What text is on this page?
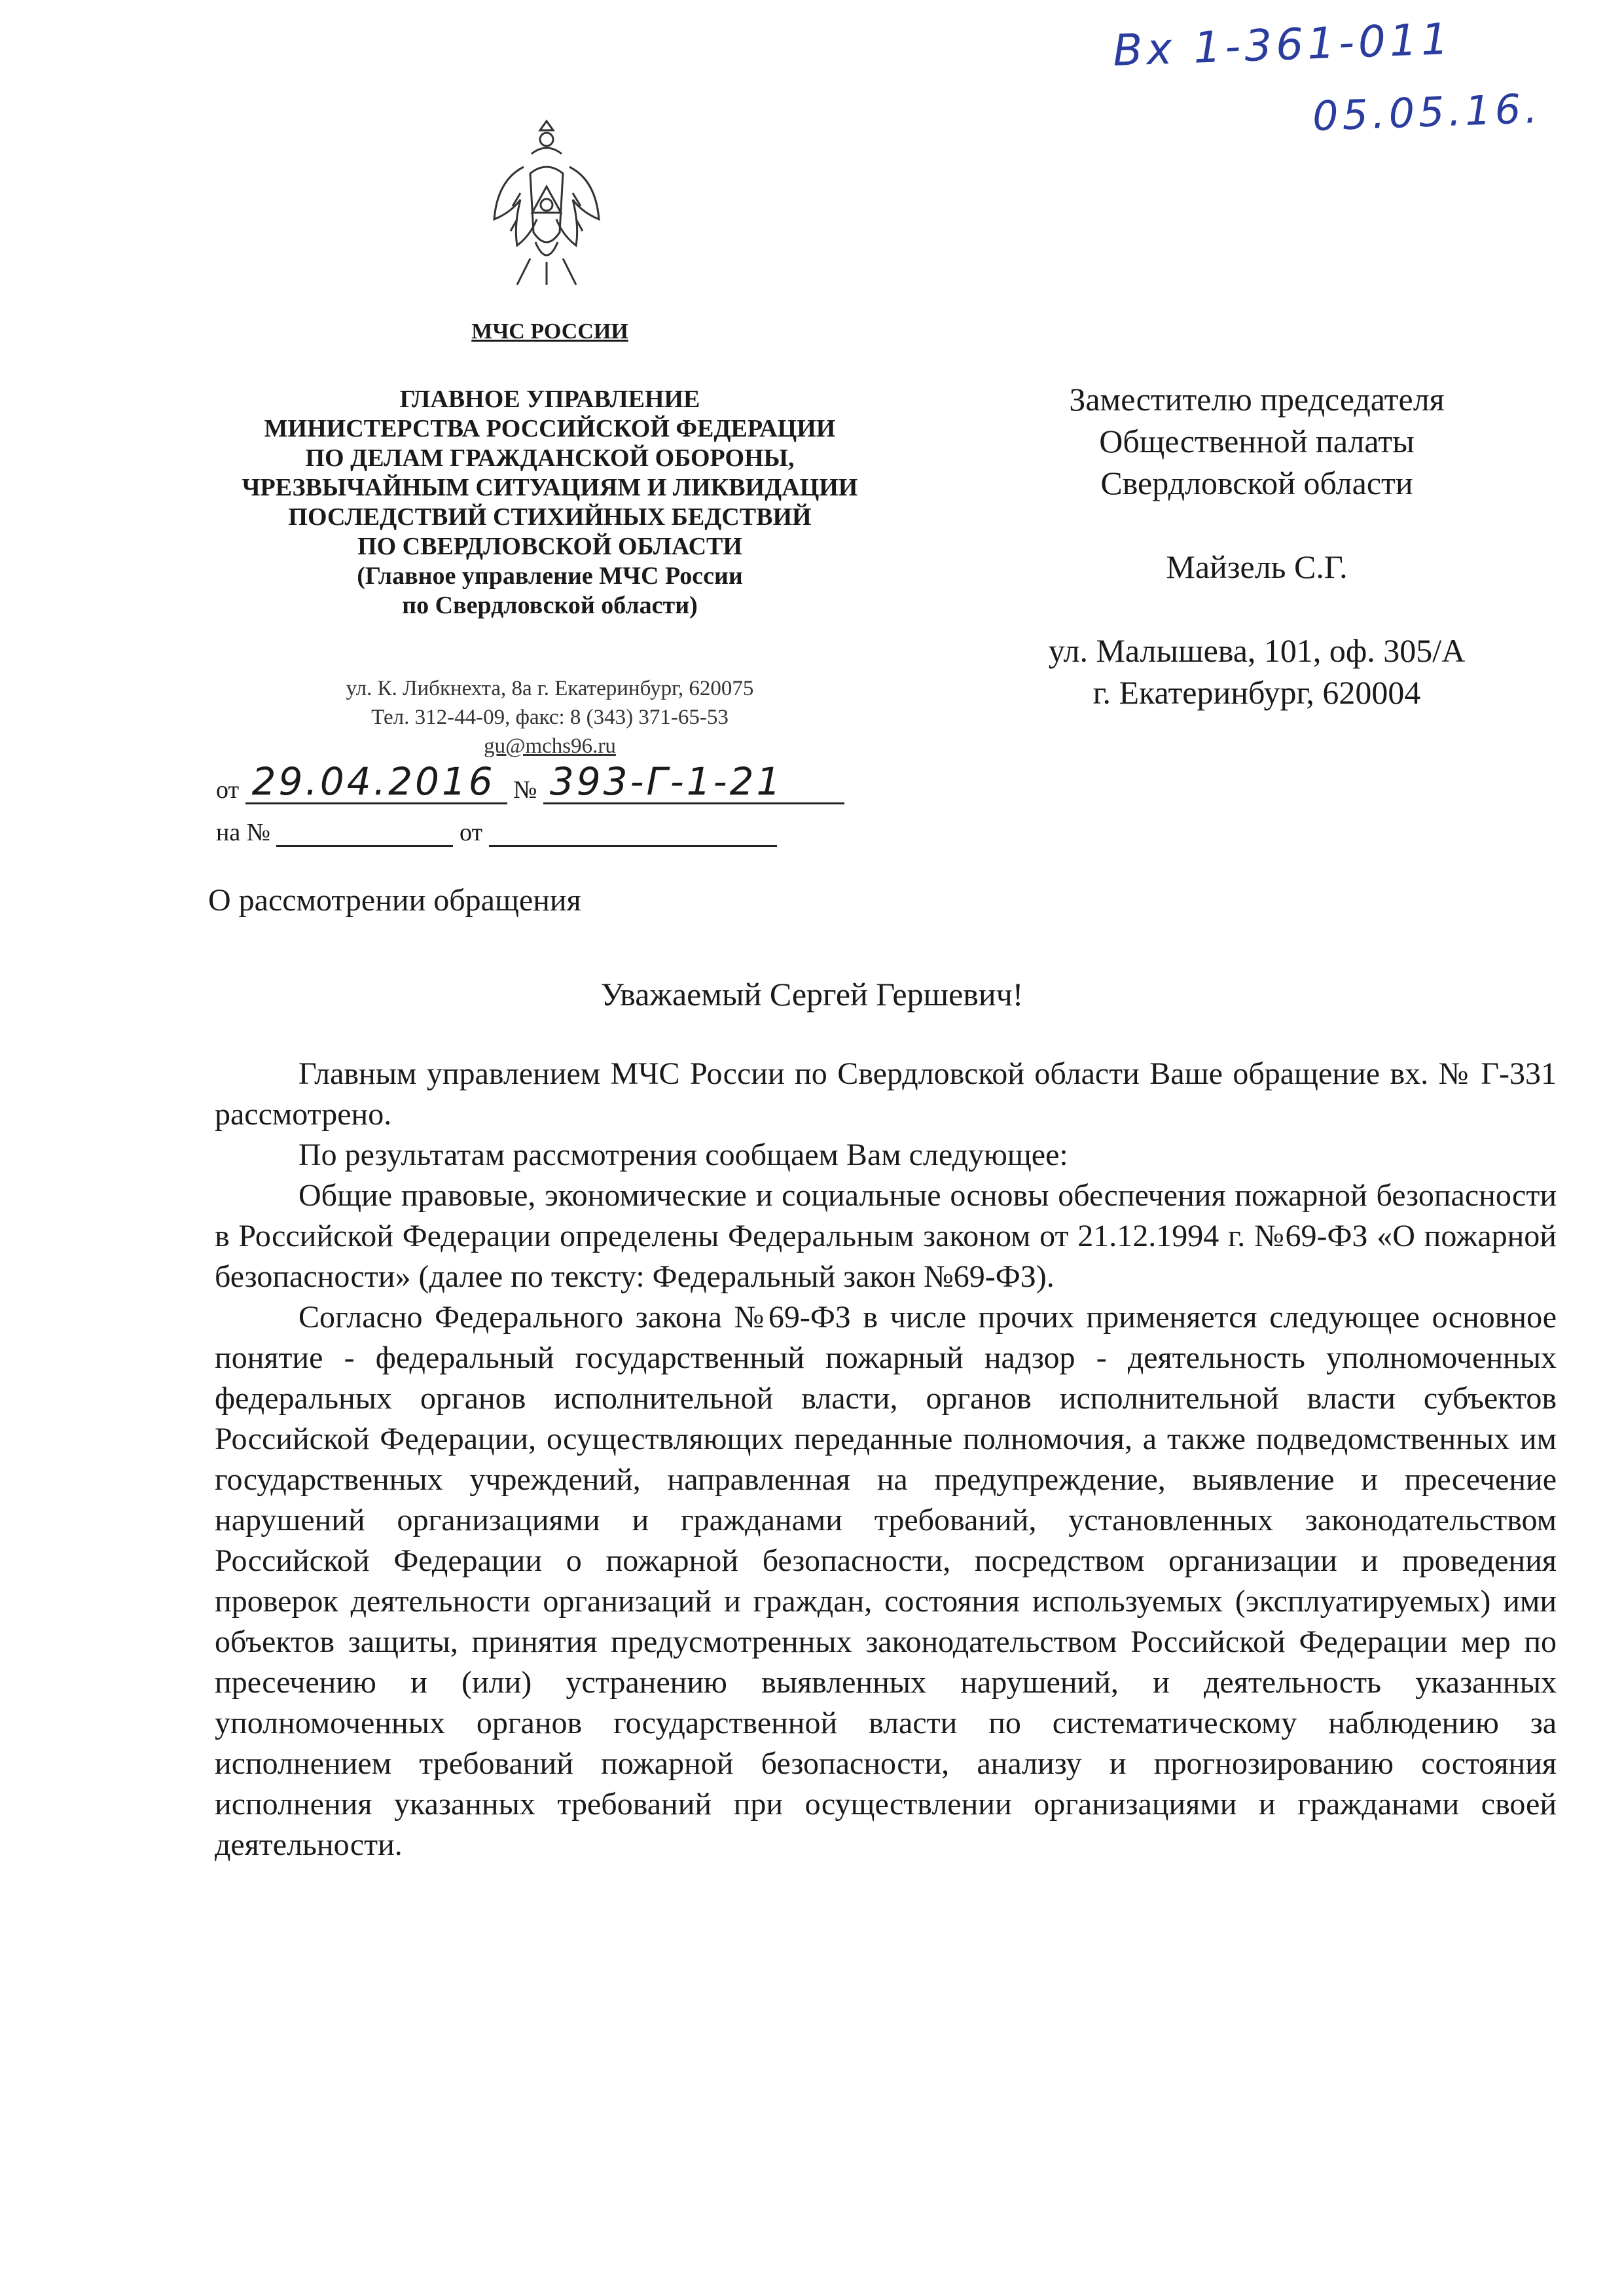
Вх 1-361-011
05.05.16.
МЧС РОССИИ
ГЛАВНОЕ УПРАВЛЕНИЕ
МИНИСТЕРСТВА РОССИЙСКОЙ ФЕДЕРАЦИИ
ПО ДЕЛАМ ГРАЖДАНСКОЙ ОБОРОНЫ,
ЧРЕЗВЫЧАЙНЫМ СИТУАЦИЯМ И ЛИКВИДАЦИИ
ПОСЛЕДСТВИЙ СТИХИЙНЫХ БЕДСТВИЙ
ПО СВЕРДЛОВСКОЙ ОБЛАСТИ
(Главное управление МЧС России
по Свердловской области)
ул. К. Либкнехта, 8а г. Екатеринбург, 620075
Тел. 312-44-09, факс: 8 (343) 371-65-53
gu@mchs96.ru
от 29.04.2016 № 393-Г-1-21
на №	от
Заместителю председателя
Общественной палаты
Свердловской области
Майзель С.Г.
ул. Малышева, 101, оф. 305/А
г. Екатеринбург, 620004
О рассмотрении обращения
Уважаемый Сергей Гершевич!

Главным управлением МЧС России по Свердловской области Ваше обращение вх. № Г-331 рассмотрено.

По результатам рассмотрения сообщаем Вам следующее:

Общие правовые, экономические и социальные основы обеспечения пожарной безопасности в Российской Федерации определены Федеральным законом от 21.12.1994 г. №69-ФЗ «О пожарной безопасности» (далее по тексту: Федеральный закон №69-ФЗ).

Согласно Федерального закона №69-ФЗ в числе прочих применяется следующее основное понятие - федеральный государственный пожарный надзор - деятельность уполномоченных федеральных органов исполнительной власти, органов исполнительной власти субъектов Российской Федерации, осуществляющих переданные полномочия, а также подведомственных им государственных учреждений, направленная на предупреждение, выявление и пресечение нарушений организациями и гражданами требований, установленных законодательством Российской Федерации о пожарной безопасности, посредством организации и проведения проверок деятельности организаций и граждан, состояния используемых (эксплуатируемых) ими объектов защиты, принятия предусмотренных законодательством Российской Федерации мер по пресечению и (или) устранению выявленных нарушений, и деятельность указанных уполномоченных органов государственной власти по систематическому наблюдению за исполнением требований пожарной безопасности, анализу и прогнозированию состояния исполнения указанных требований при осуществлении организациями и гражданами своей деятельности.
